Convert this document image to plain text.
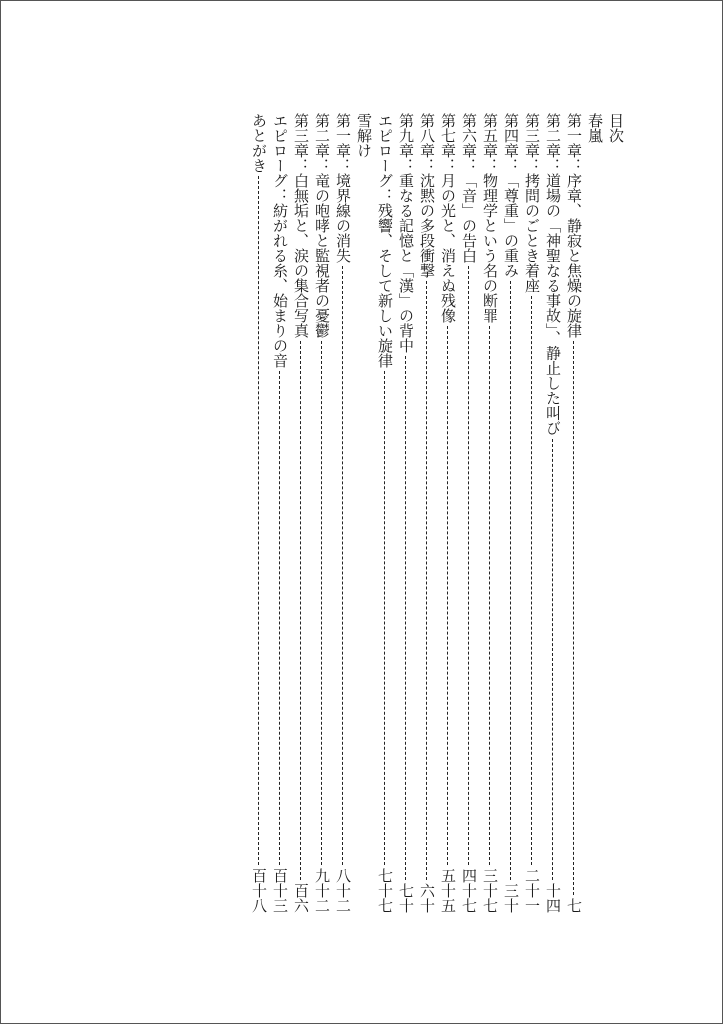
目次
春嵐
第一章：序章、静寂と焦燥の旋律
七
第二章：道場の「神聖なる事故」、静止した叫び
十四
第三章：拷問のごとき着座
二十一
第四章：「尊重」の重み
三十
第五章：物理学という名の断罪
三十七
第六章：「音」の告白
四十七
第七章：月の光と、消えぬ残像
五十五
第八章：沈黙の多段衝撃
六十
第九章：重なる記憶と「漢」の背中
七十
エピローグ：残響、そして新しい旋律
七十七
雪解け
第一章：境界線の消失
八十二
第二章：竜の咆哮と監視者の憂鬱
九十二
第三章：白無垢と、涙の集合写真
百六
エピローグ：紡がれる糸、始まりの音
百十三
あとがき
百十八
